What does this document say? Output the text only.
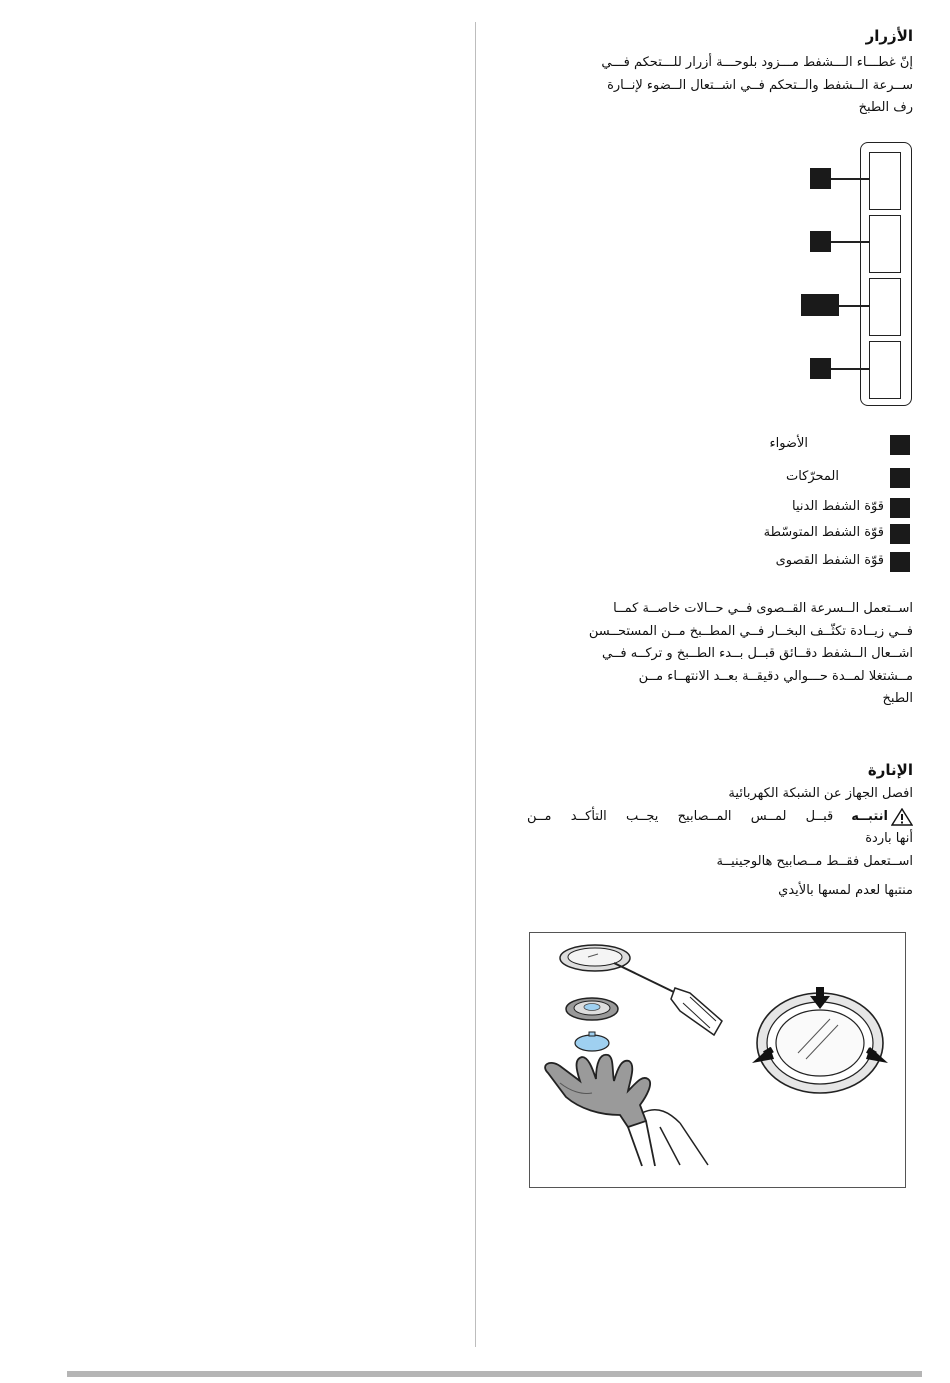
الأزرار
إنّ غطـــاء الـــشفط مـــزود بلوحـــة أزرار للـــتحكم فـــي
ســرعة الــشفط والــتحكم فــي اشــتعال الــضوء لإنــارة
رف الطبخ
الأضواء
المحرّكات
قوّة الشفط الدنيا
قوّة الشفط المتوسّطة
قوّة الشفط القصوى
اســتعمل الــسرعة القــصوى فــي حــالات خاصــة كمــا
فــي زيــادة تكثّــف البخــار فــي المطــبخ مــن المستحــسن
اشــعال الــشفط دقــائق قبــل بــدء الطــبخ و تركــه فــي
مــشتغلا لمــدة حـــوالي دقيقــة بعــد الانتهــاء مــن
الطبخ
الإنارة
افصل الجهاز عن الشبكة الكهربائية
انتبــه
قبــل لمــس المــصابيح يجــب التأكــد مــن
أنها باردة
اســتعمل فقــط مــصابيح هالوجينيــة
منتبها لعدم لمسها بالأيدي
